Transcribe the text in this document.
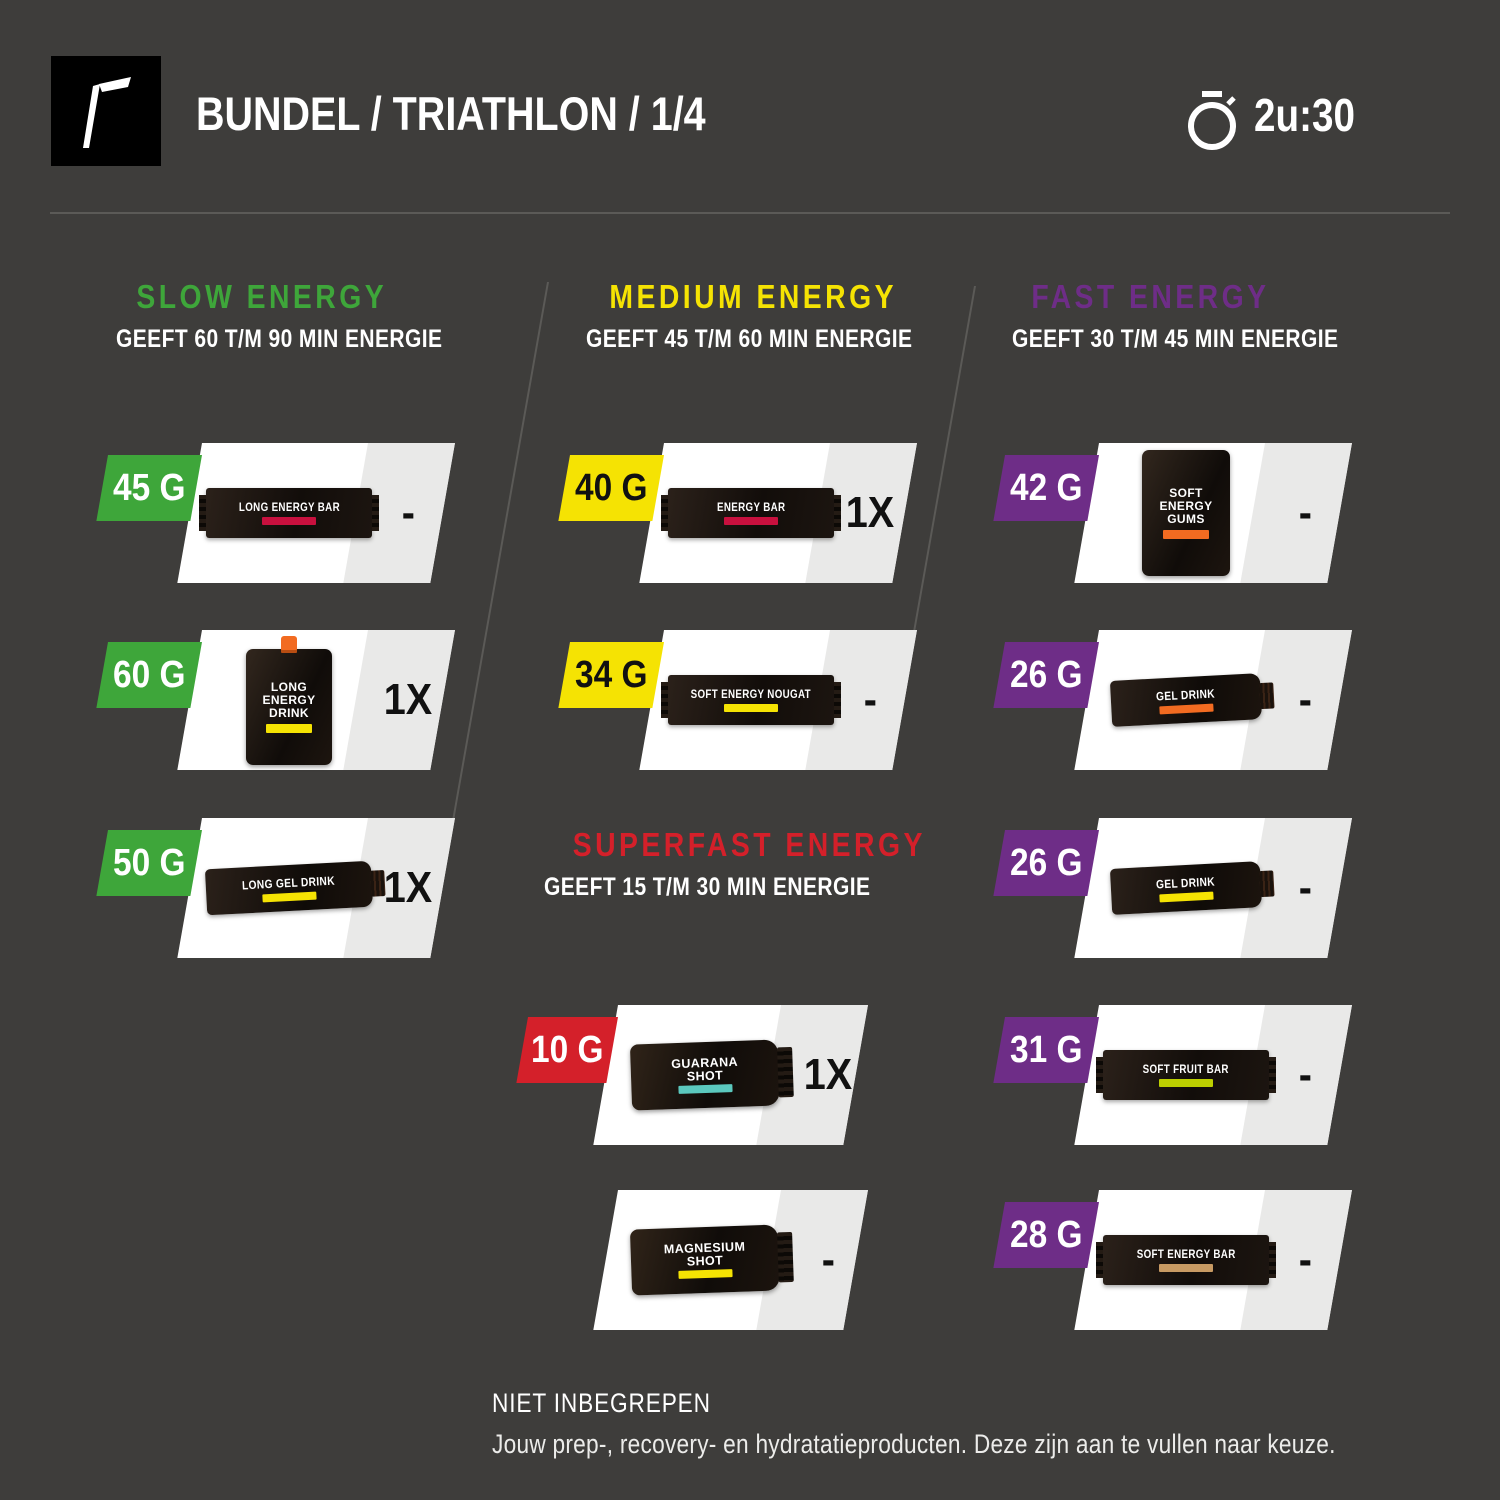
BUNDEL / TRIATHLON / 1/4	2u:30
SLOW ENERGY
GEEFT 60 T/M 90 MIN ENERGIE
MEDIUM ENERGY
GEEFT 45 T/M 60 MIN ENERGIE
FAST ENERGY
GEEFT 30 T/M 45 MIN ENERGIE
SUPERFAST ENERGY
GEEFT 15 T/M 30 MIN ENERGIE
45 G	LONG ENERGY BAR -
60 G	LONG ENERGY DRINK	1X
50 G	LONG GEL DRINK 1X
40 G	ENERGY BAR 1X
34 G	SOFT ENERGY NOUGAT -
10 G	GUARANA SHOT	1X
MAGNESIUM SHOT	-
42 G	SOFT ENERGY GUMS	-
26 G	GEL DRINK -
26 G	GEL DRINK -
31 G	SOFT FRUIT BAR -
28 G	SOFT ENERGY BAR -
NIET INBEGREPEN
Jouw prep-, recovery- en hydratatieproducten. Deze zijn aan te vullen naar keuze.
